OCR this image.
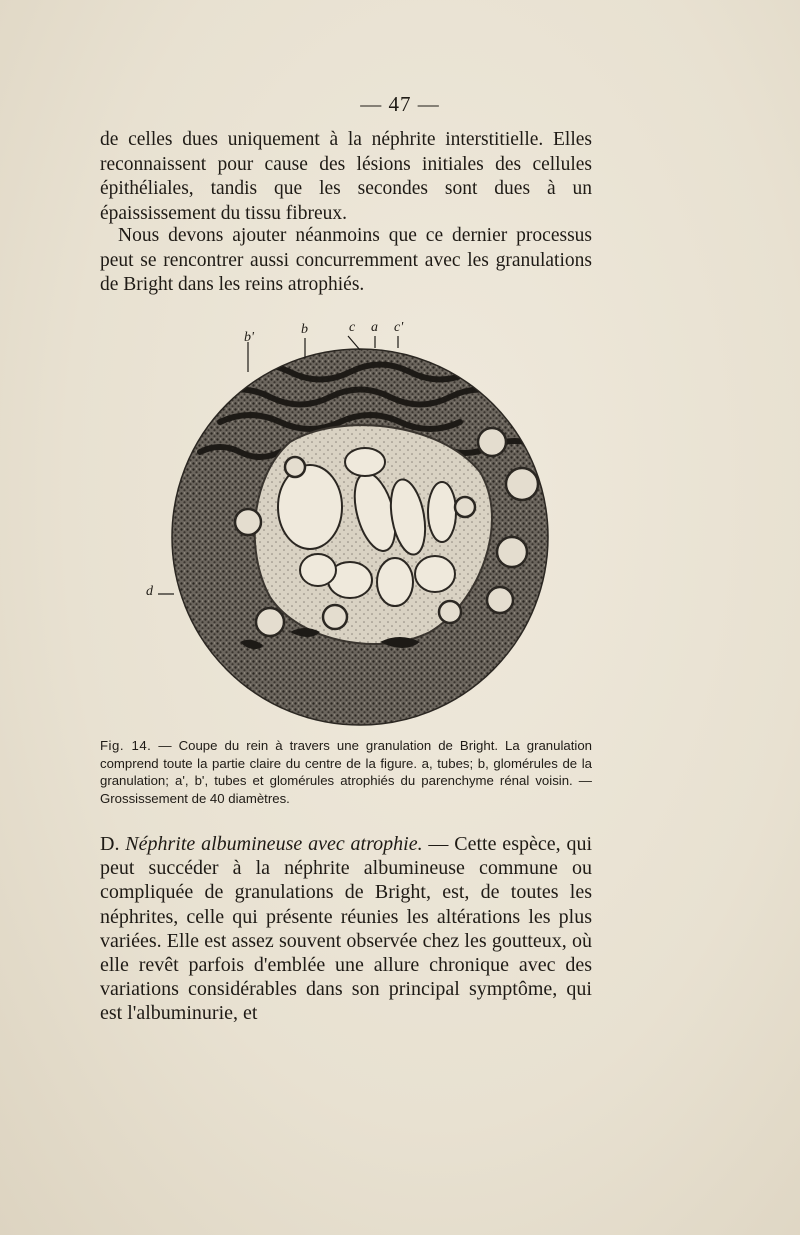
— 47 —

de celles dues uniquement à la néphrite interstitielle. Elles reconnaissent pour cause des lésions initiales des cellules épithéliales, tandis que les secondes sont dues à un épaississement du tissu fibreux.

Nous devons ajouter néanmoins que ce dernier processus peut se rencontrer aussi concurremment avec les granulations de Bright dans les reins atrophiés.

b'
b	c a c'
d

Fig. 14. — Coupe du rein à travers une granulation de Bright. La granulation comprend toute la partie claire du centre de la figure. a, tubes; b, glomérules de la granulation; a', b', tubes et glomérules atrophiés du parenchyme rénal voisin. — Grossissement de 40 diamètres.

D. Néphrite albumineuse avec atrophie. — Cette espèce, qui peut succéder à la néphrite albumineuse commune ou compliquée de granulations de Bright, est, de toutes les néphrites, celle qui présente réunies les altérations les plus variées. Elle est assez souvent observée chez les goutteux, où elle revêt parfois d'emblée une allure chronique avec des variations considérables dans son principal symptôme, qui est l'albuminurie, et
